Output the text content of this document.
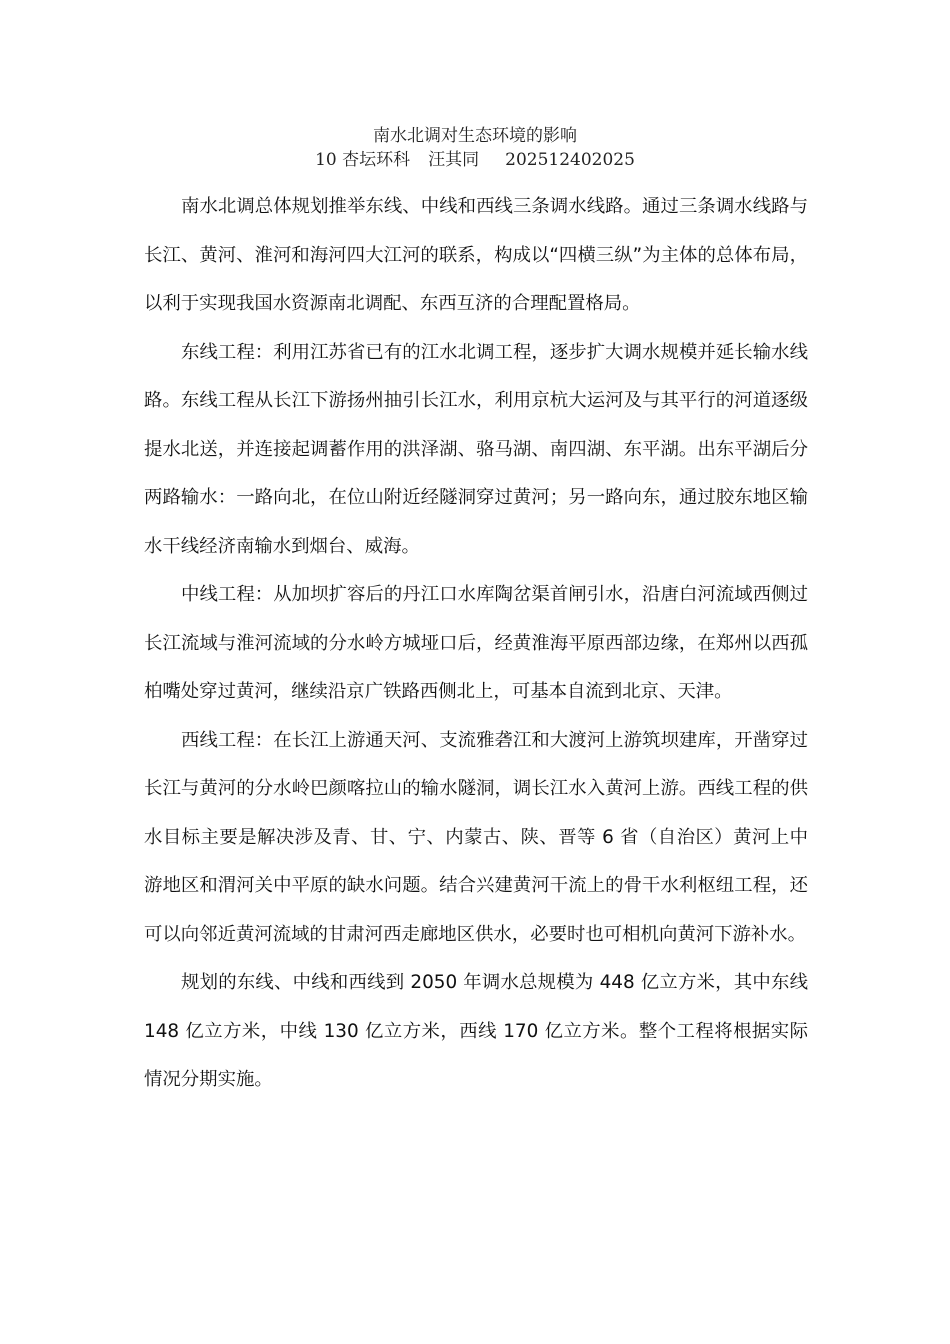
南水北调对生态环境的影响
10 杏坛环科 汪其同 202512402025

南水北调总体规划推举东线、中线和西线三条调水线路。通过三条调水线路与长江、黄河、淮河和海河四大江河的联系，构成以“四横三纵”为主体的总体布局，以利于实现我国水资源南北调配、东西互济的合理配置格局。

东线工程：利用江苏省已有的江水北调工程，逐步扩大调水规模并延长输水线路。东线工程从长江下游扬州抽引长江水，利用京杭大运河及与其平行的河道逐级提水北送，并连接起调蓄作用的洪泽湖、骆马湖、南四湖、东平湖。出东平湖后分两路输水：一路向北，在位山附近经隧洞穿过黄河；另一路向东，通过胶东地区输水干线经济南输水到烟台、威海。

中线工程：从加坝扩容后的丹江口水库陶岔渠首闸引水，沿唐白河流域西侧过长江流域与淮河流域的分水岭方城垭口后，经黄淮海平原西部边缘，在郑州以西孤柏嘴处穿过黄河，继续沿京广铁路西侧北上，可基本自流到北京、天津。

西线工程：在长江上游通天河、支流雅砻江和大渡河上游筑坝建库，开凿穿过长江与黄河的分水岭巴颜喀拉山的输水隧洞，调长江水入黄河上游。西线工程的供水目标主要是解决涉及青、甘、宁、内蒙古、陕、晋等 6 省（自治区）黄河上中游地区和渭河关中平原的缺水问题。结合兴建黄河干流上的骨干水利枢纽工程，还可以向邻近黄河流域的甘肃河西走廊地区供水，必要时也可相机向黄河下游补水。

规划的东线、中线和西线到 2050 年调水总规模为 448 亿立方米，其中东线 148 亿立方米，中线 130 亿立方米，西线 170 亿立方米。整个工程将根据实际情况分期实施。
